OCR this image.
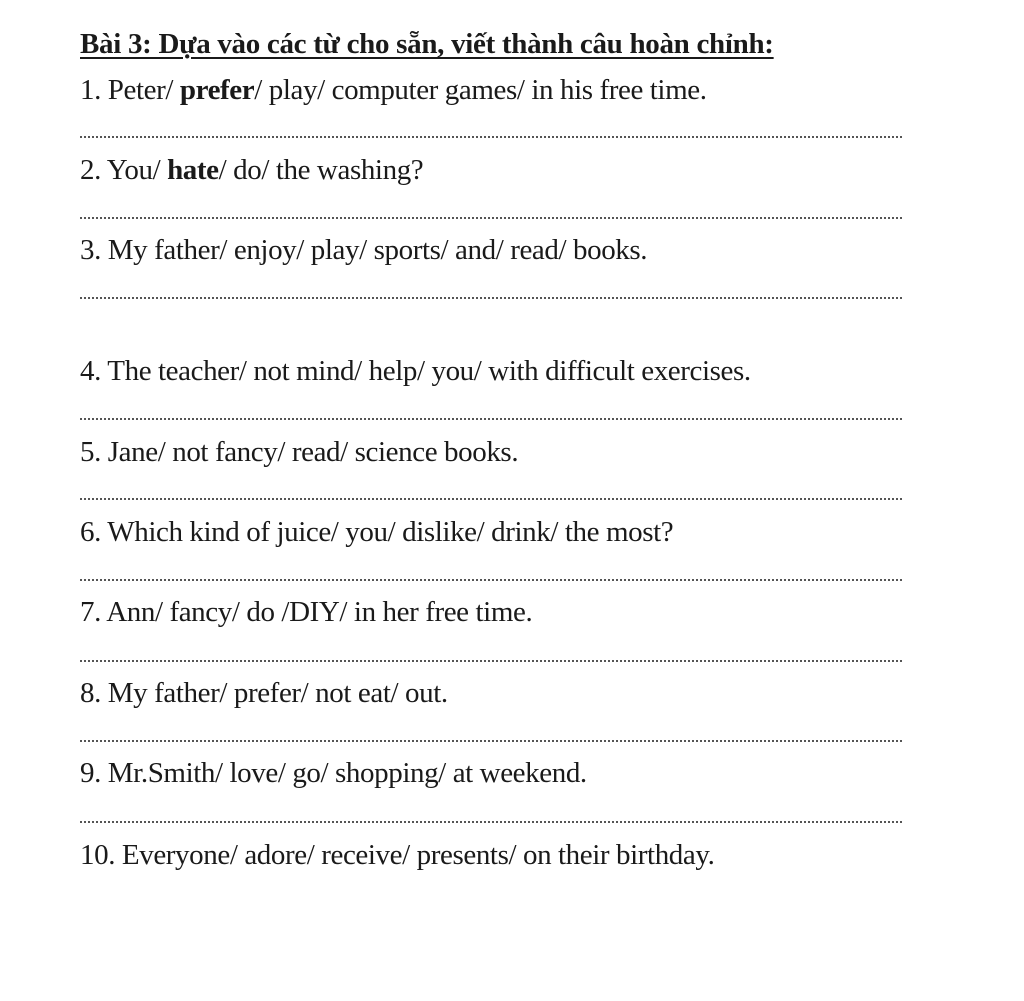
Bài 3: Dựa vào các từ cho sẵn, viết thành câu hoàn chỉnh:
1. Peter/ prefer/ play/ computer games/ in his free time.
2. You/ hate/ do/ the washing?
3. My father/ enjoy/ play/ sports/ and/ read/ books.
4. The teacher/ not mind/ help/ you/ with difficult exercises.
5. Jane/ not fancy/ read/ science books.
6. Which kind of juice/ you/ dislike/ drink/ the most?
7. Ann/ fancy/ do /DIY/ in her free time.
8. My father/ prefer/ not eat/ out.
9. Mr.Smith/ love/ go/ shopping/ at weekend.
10. Everyone/ adore/ receive/ presents/ on their birthday.
